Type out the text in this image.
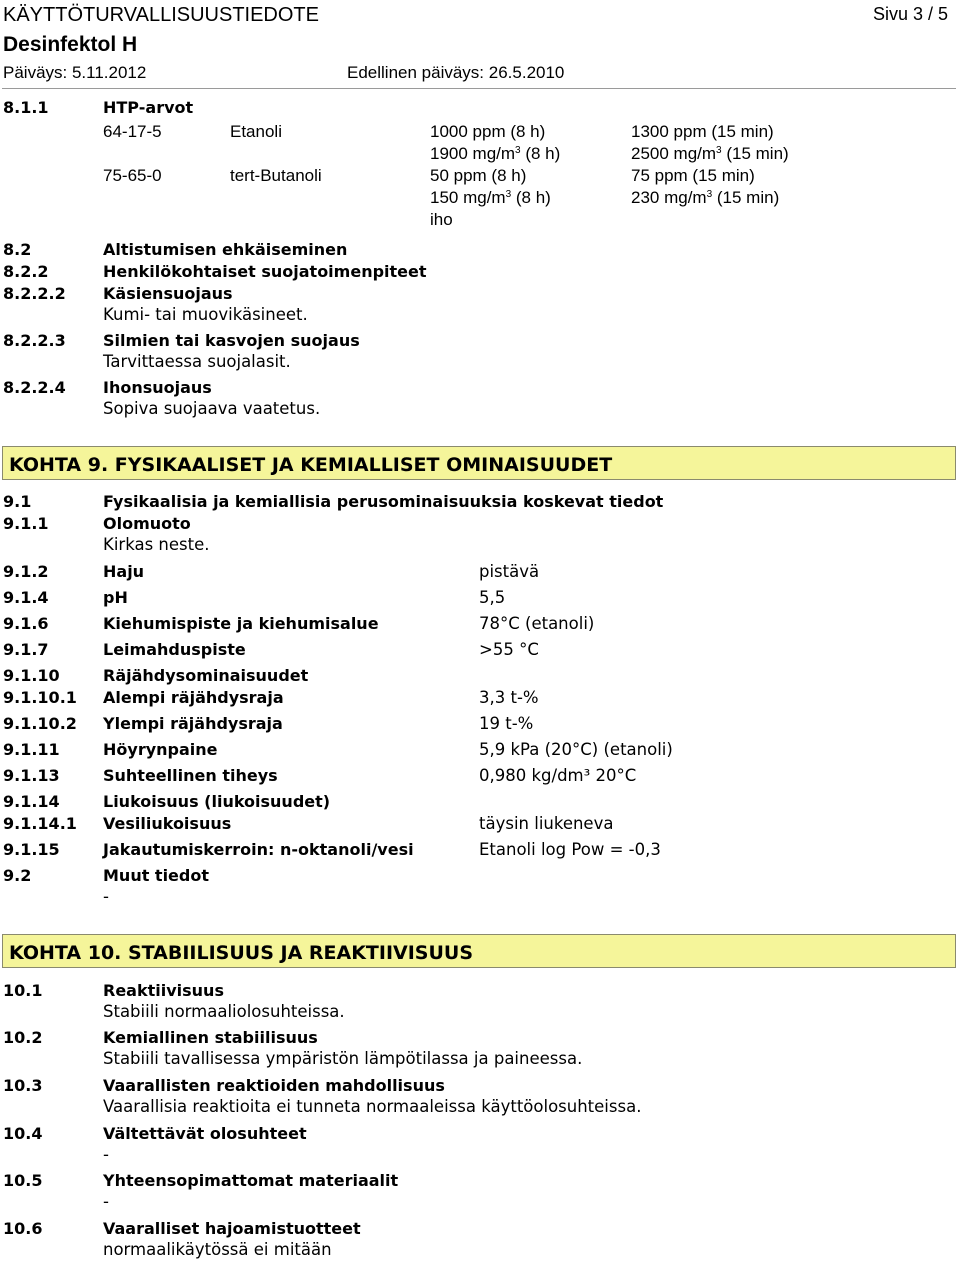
KÄYTTÖTURVALLISUUSTIEDOTE	Sivu 3 / 5
Desinfektol H
Päiväys: 5.11.2012	Edellinen päiväys: 26.5.2010
8.1.1	HTP-arvot
64-17-5	Etanoli	1000 ppm (8 h)	1300 ppm (15 min)
1900 $mg/m^3$ (8 h)	2500 $mg/m^3$ (15 min)
75-65-0	tert-Butanoli	50 ppm (8 h)	75 ppm (15 min)
150 $mg/m^3$ (8 h)	230 $mg/m^3$ (15 min)
iho
8.2	Altistumisen ehkäiseminen
8.2.2	Henkilökohtaiset suojatoimenpiteet
8.2.2.2 Käsiensuojaus
Kumi- tai muovikäsineet.
8.2.2.3 Silmien tai kasvojen suojaus
Tarvittaessa suojalasit.
8.2.2.4 Ihonsuojaus
Sopiva suojaava vaatetus.
KOHTA 9. FYSIKAALISET JA KEMIALLISET OMINAISUUDET
9.1	Fysikaalisia ja kemiallisia perusominaisuuksia koskevat tiedot
9.1.1	Olomuoto
Kirkas neste.
9.1.2	Haju	pistävä
9.1.4	pH	5,5
9.1.6	Kiehumispiste ja kiehumisalue	78°C (etanoli)
9.1.7	Leimahduspiste	>55 °C
9.1.10	Räjähdysominaisuudet
9.1.10.1 Alempi räjähdysraja	3,3 t-%
9.1.10.2 Ylempi räjähdysraja	19 t-%
9.1.11	Höyrynpaine	5,9 kPa (20°C) (etanoli)
9.1.13	Suhteellinen tiheys	0,980 kg/dm³ 20°C
9.1.14	Liukoisuus (liukoisuudet)
9.1.14.1 Vesiliukoisuus	täysin liukeneva
9.1.15	Jakautumiskerroin: n-oktanoli/vesi	Etanoli log Pow = -0,3
9.2	Muut tiedot
-
KOHTA 10. STABIILISUUS JA REAKTIIVISUUS
10.1	Reaktiivisuus
Stabiili normaaliolosuhteissa.
10.2	Kemiallinen stabiilisuus
Stabiili tavallisessa ympäristön lämpötilassa ja paineessa.
10.3	Vaarallisten reaktioiden mahdollisuus
Vaarallisia reaktioita ei tunneta normaaleissa käyttöolosuhteissa.
10.4	Vältettävät olosuhteet
-
10.5	Yhteensopimattomat materiaalit
-
10.6	Vaaralliset hajoamistuotteet
normaalikäytössä ei mitään
